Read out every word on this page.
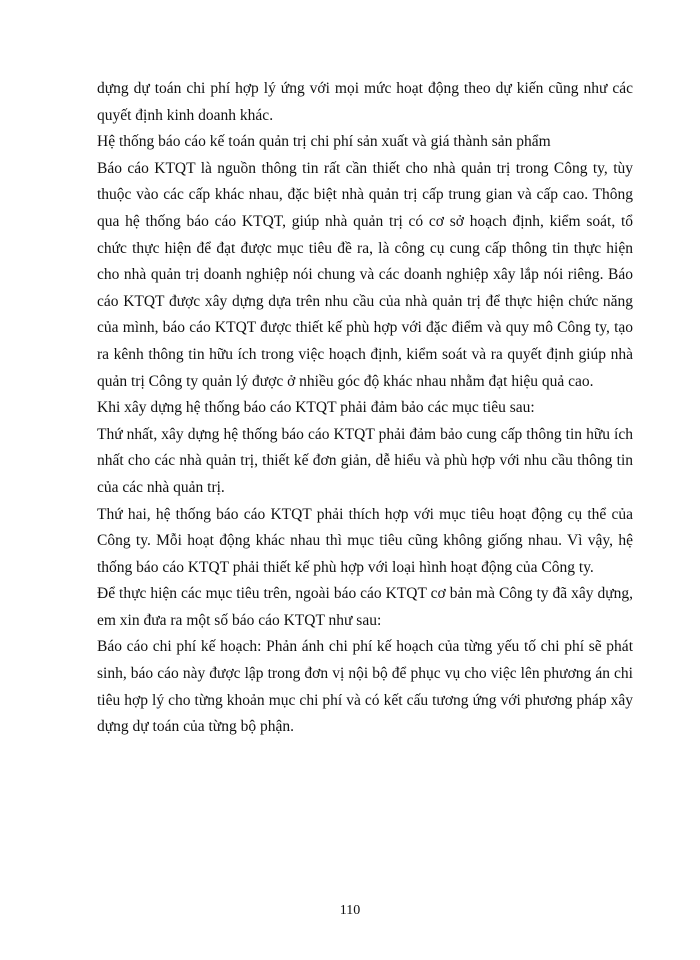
dựng dự toán chi phí hợp lý ứng với mọi mức hoạt động theo dự kiến cũng như các quyết định kinh doanh khác.

Hệ thống báo cáo kế toán quản trị chi phí sản xuất và giá thành sản phẩm

Báo cáo KTQT là nguồn thông tin rất cần thiết cho nhà quản trị trong Công ty, tùy thuộc vào các cấp khác nhau, đặc biệt nhà quản trị cấp trung gian và cấp cao. Thông qua hệ thống báo cáo KTQT, giúp nhà quản trị có cơ sở hoạch định, kiểm soát, tổ chức thực hiện để đạt được mục tiêu đề ra, là công cụ cung cấp thông tin thực hiện cho nhà quản trị doanh nghiệp nói chung và các doanh nghiệp xây lắp nói riêng. Báo cáo KTQT được xây dựng dựa trên nhu cầu của nhà quản trị để thực hiện chức năng của mình, báo cáo KTQT được thiết kế phù hợp với đặc điểm và quy mô Công ty, tạo ra kênh thông tin hữu ích trong việc hoạch định, kiểm soát và ra quyết định giúp nhà quản trị Công ty quản lý được ở nhiều góc độ khác nhau nhằm đạt hiệu quả cao.

Khi xây dựng hệ thống báo cáo KTQT phải đảm bảo các mục tiêu sau:

Thứ nhất, xây dựng hệ thống báo cáo KTQT phải đảm bảo cung cấp thông tin hữu ích nhất cho các nhà quản trị, thiết kế đơn giản, dễ hiểu và phù hợp với nhu cầu thông tin của các nhà quản trị.

Thứ hai, hệ thống báo cáo KTQT phải thích hợp với mục tiêu hoạt động cụ thể của Công ty. Mỗi hoạt động khác nhau thì mục tiêu cũng không giống nhau. Vì vậy, hệ thống báo cáo KTQT phải thiết kế phù hợp với loại hình hoạt động của Công ty.

Để thực hiện các mục tiêu trên, ngoài báo cáo KTQT cơ bản mà Công ty đã xây dựng, em xin đưa ra một số báo cáo KTQT như sau:

Báo cáo chi phí kế hoạch: Phản ánh chi phí kế hoạch của từng yếu tố chi phí sẽ phát sinh, báo cáo này được lập trong đơn vị nội bộ để phục vụ cho việc lên phương án chi tiêu hợp lý cho từng khoản mục chi phí và có kết cấu tương ứng với phương pháp xây dựng dự toán của từng bộ phận.

110
